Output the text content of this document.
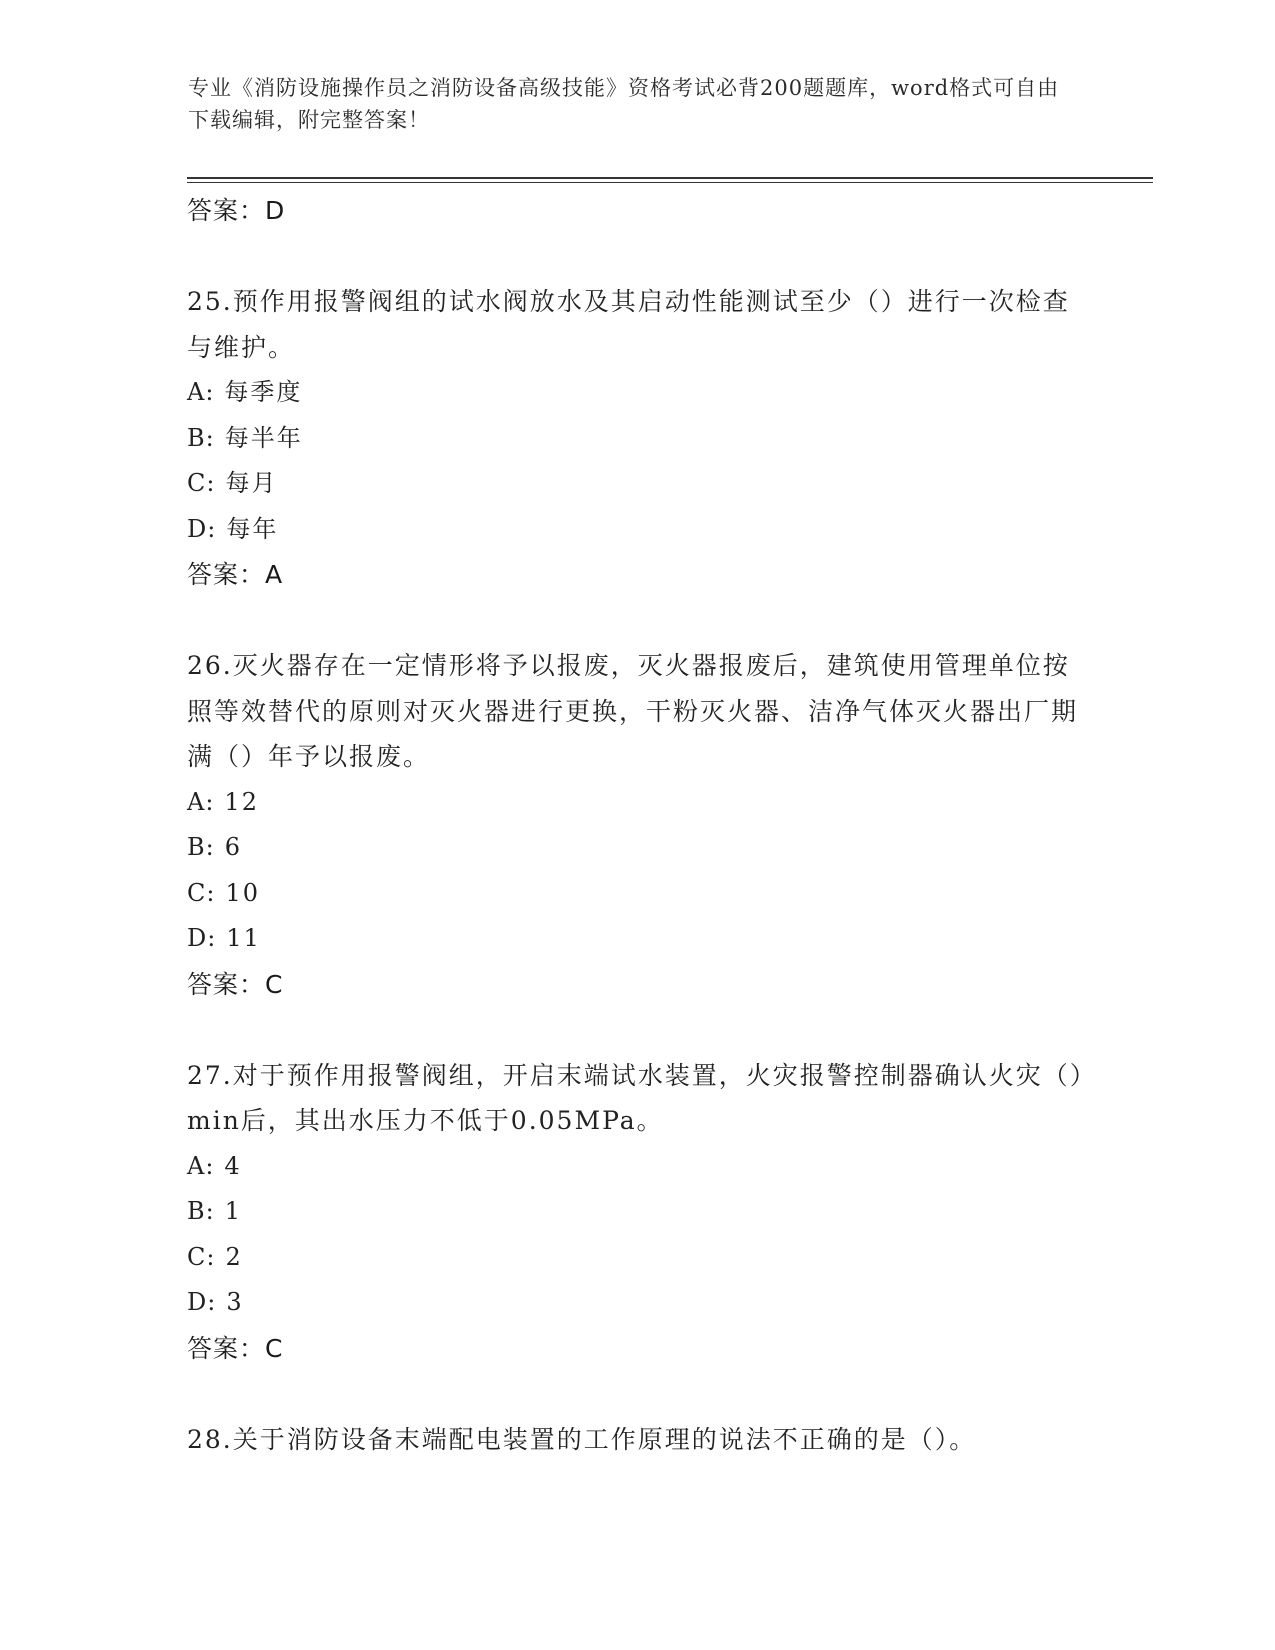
专业《消防设施操作员之消防设备高级技能》资格考试必背200题题库，word格式可自由下载编辑，附完整答案！
答案：D

25.预作用报警阀组的试水阀放水及其启动性能测试至少（）进行一次检查与维护。

A: 每季度
B: 每半年
C: 每月
D: 每年
答案：A

26.灭火器存在一定情形将予以报废，灭火器报废后，建筑使用管理单位按照等效替代的原则对灭火器进行更换，干粉灭火器、洁净气体灭火器出厂期满（）年予以报废。

A: 12
B: 6
C: 10
D: 11
答案：C

27.对于预作用报警阀组，开启末端试水装置，火灾报警控制器确认火灾（）min后，其出水压力不低于0.05MPa。

A: 4
B: 1
C: 2
D: 3
答案：C

28.关于消防设备末端配电装置的工作原理的说法不正确的是（）。
